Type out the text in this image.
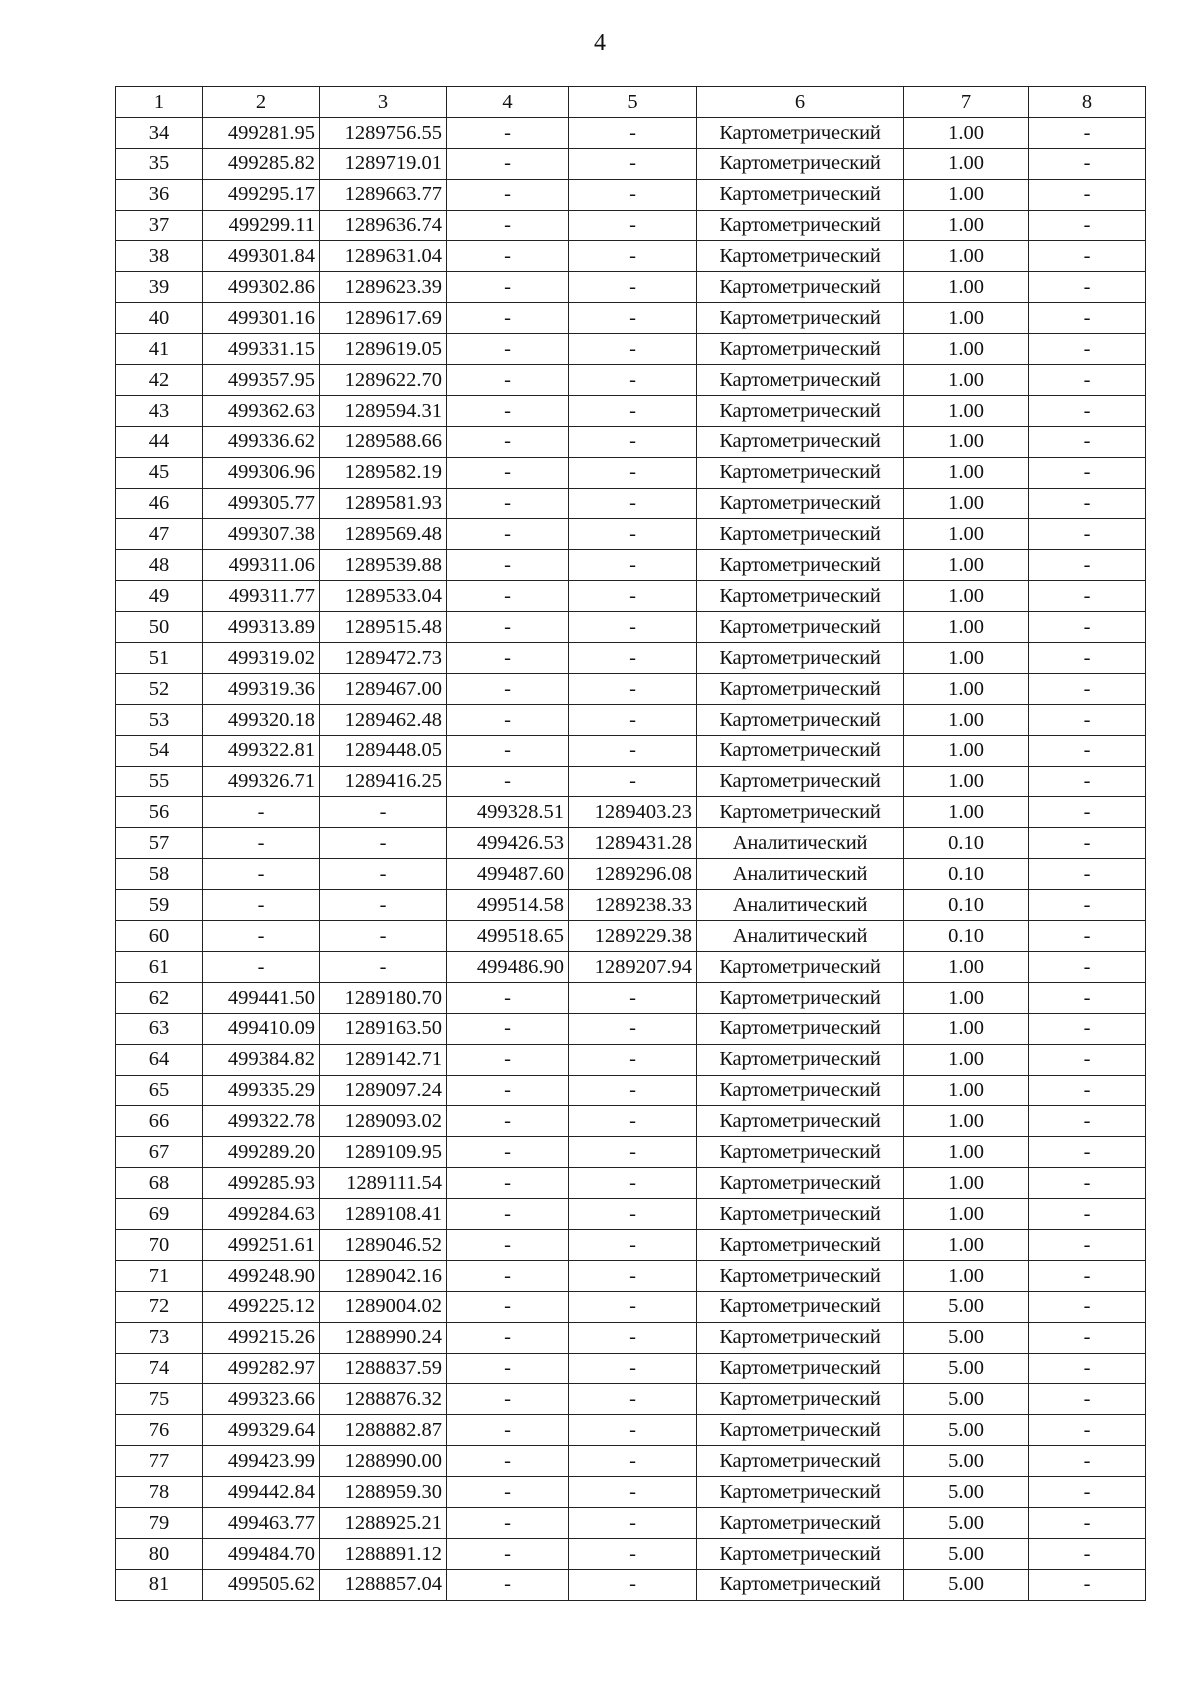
4
1	2	3	4	5	6	7	8
34	499281.95	1289756.55	-	-	Картометрический	1.00	-
35	499285.82	1289719.01	-	-	Картометрический	1.00	-
36	499295.17	1289663.77	-	-	Картометрический	1.00	-
37	499299.11	1289636.74	-	-	Картометрический	1.00	-
38	499301.84	1289631.04	-	-	Картометрический	1.00	-
39	499302.86	1289623.39	-	-	Картометрический	1.00	-
40	499301.16	1289617.69	-	-	Картометрический	1.00	-
41	499331.15	1289619.05	-	-	Картометрический	1.00	-
42	499357.95	1289622.70	-	-	Картометрический	1.00	-
43	499362.63	1289594.31	-	-	Картометрический	1.00	-
44	499336.62	1289588.66	-	-	Картометрический	1.00	-
45	499306.96	1289582.19	-	-	Картометрический	1.00	-
46	499305.77	1289581.93	-	-	Картометрический	1.00	-
47	499307.38	1289569.48	-	-	Картометрический	1.00	-
48	499311.06	1289539.88	-	-	Картометрический	1.00	-
49	499311.77	1289533.04	-	-	Картометрический	1.00	-
50	499313.89	1289515.48	-	-	Картометрический	1.00	-
51	499319.02	1289472.73	-	-	Картометрический	1.00	-
52	499319.36	1289467.00	-	-	Картометрический	1.00	-
53	499320.18	1289462.48	-	-	Картометрический	1.00	-
54	499322.81	1289448.05	-	-	Картометрический	1.00	-
55	499326.71	1289416.25	-	-	Картометрический	1.00	-
56	-	-	499328.51	1289403.23	Картометрический	1.00	-
57	-	-	499426.53	1289431.28	Аналитический	0.10	-
58	-	-	499487.60	1289296.08	Аналитический	0.10	-
59	-	-	499514.58	1289238.33	Аналитический	0.10	-
60	-	-	499518.65	1289229.38	Аналитический	0.10	-
61	-	-	499486.90	1289207.94	Картометрический	1.00	-
62	499441.50	1289180.70	-	-	Картометрический	1.00	-
63	499410.09	1289163.50	-	-	Картометрический	1.00	-
64	499384.82	1289142.71	-	-	Картометрический	1.00	-
65	499335.29	1289097.24	-	-	Картометрический	1.00	-
66	499322.78	1289093.02	-	-	Картометрический	1.00	-
67	499289.20	1289109.95	-	-	Картометрический	1.00	-
68	499285.93	1289111.54	-	-	Картометрический	1.00	-
69	499284.63	1289108.41	-	-	Картометрический	1.00	-
70	499251.61	1289046.52	-	-	Картометрический	1.00	-
71	499248.90	1289042.16	-	-	Картометрический	1.00	-
72	499225.12	1289004.02	-	-	Картометрический	5.00	-
73	499215.26	1288990.24	-	-	Картометрический	5.00	-
74	499282.97	1288837.59	-	-	Картометрический	5.00	-
75	499323.66	1288876.32	-	-	Картометрический	5.00	-
76	499329.64	1288882.87	-	-	Картометрический	5.00	-
77	499423.99	1288990.00	-	-	Картометрический	5.00	-
78	499442.84	1288959.30	-	-	Картометрический	5.00	-
79	499463.77	1288925.21	-	-	Картометрический	5.00	-
80	499484.70	1288891.12	-	-	Картометрический	5.00	-
81	499505.62	1288857.04	-	-	Картометрический	5.00	-
